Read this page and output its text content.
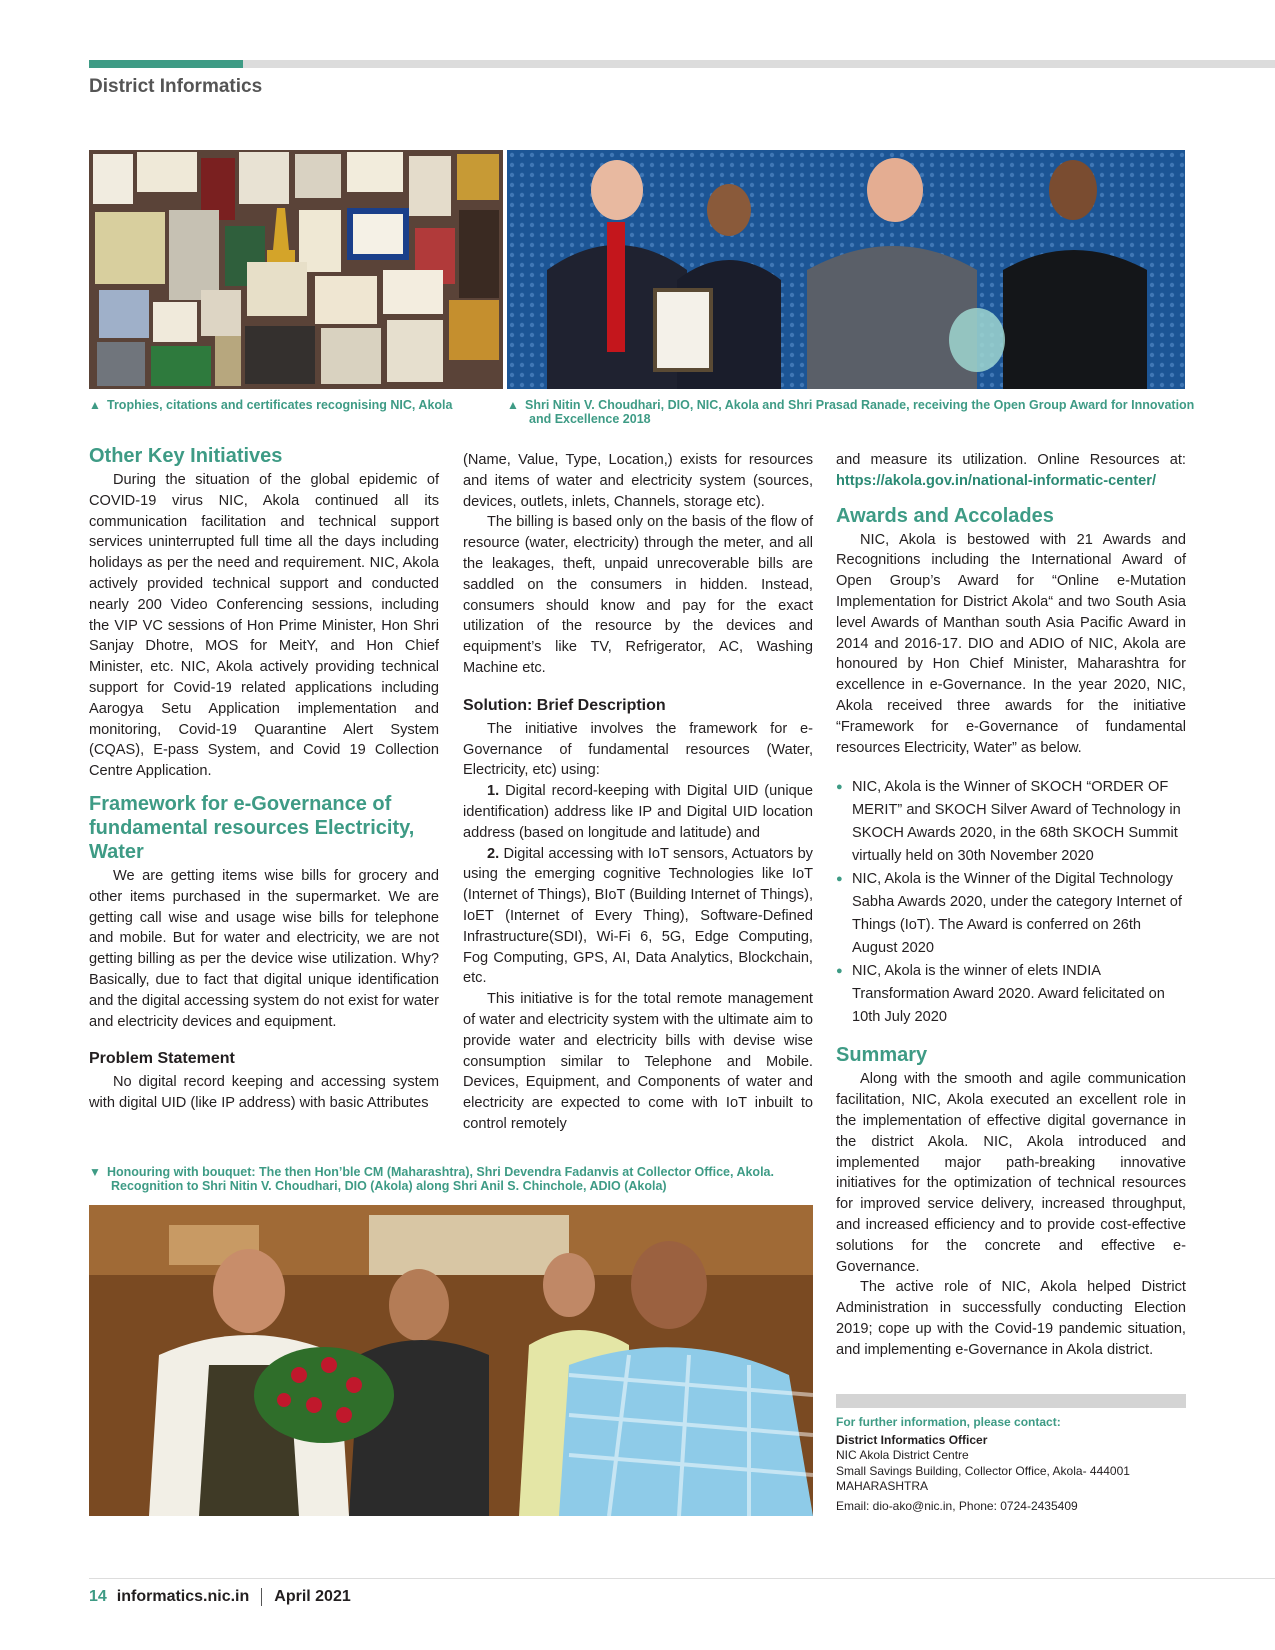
District Informatics
▲ Trophies, citations and certificates recognising NIC, Akola	▲ Shri Nitin V. Choudhari, DIO, NIC, Akola and Shri Prasad Ranade, receiving the Open Group Award for Innovation
and Excellence 2018
Other Key Initiatives

During the situation of the global epidemic of COVID-19 virus NIC, Akola continued all its communication facilitation and technical support services uninterrupted full time all the days including holidays as per the need and requirement. NIC, Akola actively provided technical support and conducted nearly 200 Video Conferencing sessions, including the VIP VC sessions of Hon Prime Minister, Hon Shri Sanjay Dhotre, MOS for MeitY, and Hon Chief Minister, etc. NIC, Akola actively providing technical support for Covid-19 related applications including Aarogya Setu Application implementation and monitoring, Covid-19 Quarantine Alert System (CQAS), E-pass System, and Covid 19 Collection Centre Application.

Framework for e-Governance of fundamental resources Electricity, Water

We are getting items wise bills for grocery and other items purchased in the supermarket. We are getting call wise and usage wise bills for telephone and mobile. But for water and electricity, we are not getting billing as per the device wise utilization. Why? Basically, due to fact that digital unique identification and the digital accessing system do not exist for water and electricity devices and equipment.

Problem Statement

No digital record keeping and accessing system with digital UID (like IP address) with basic Attributes

(Name, Value, Type, Location,) exists for resources and items of water and electricity system (sources, devices, outlets, inlets, Channels, storage etc).

The billing is based only on the basis of the flow of resource (water, electricity) through the meter, and all the leakages, theft, unpaid unrecoverable bills are saddled on the consumers in hidden. Instead, consumers should know and pay for the exact utilization of the resource by the devices and equipment’s like TV, Refrigerator, AC, Washing Machine etc.

Solution: Brief Description

The initiative involves the framework for e-Governance of fundamental resources (Water, Electricity, etc) using:

1. Digital record-keeping with Digital UID (unique identification) address like IP and Digital UID location address (based on longitude and latitude) and

2. Digital accessing with IoT sensors, Actuators by using the emerging cognitive Technologies like IoT (Internet of Things), BIoT (Building Internet of Things), IoET (Internet of Every Thing), Software-Defined Infrastructure(SDI), Wi-Fi 6, 5G, Edge Computing, Fog Computing, GPS, AI, Data Analytics, Blockchain, etc.

This initiative is for the total remote management of water and electricity system with the ultimate aim to provide water and electricity bills with devise wise consumption similar to Telephone and Mobile. Devices, Equipment, and Components of water and electricity are expected to come with IoT inbuilt to control remotely

and measure its utilization. Online Resources at: https://akola.gov.in/national-informatic-center/

Awards and Accolades

NIC, Akola is bestowed with 21 Awards and Recognitions including the International Award of Open Group’s Award for “Online e-Mutation Implementation for District Akola“ and two South Asia level Awards of Manthan south Asia Pacific Award in 2014 and 2016-17. DIO and ADIO of NIC, Akola are honoured by Hon Chief Minister, Maharashtra for excellence in e-Governance. In the year 2020, NIC, Akola received three awards for the initiative “Framework for e-Governance of fundamental resources Electricity, Water” as below.

● NIC, Akola is the Winner of SKOCH “ORDER OF MERIT” and SKOCH Silver Award of Technology in SKOCH Awards 2020, in the 68th SKOCH Summit virtually held on 30th November 2020
● NIC, Akola is the Winner of the Digital Technology Sabha Awards 2020, under the category Internet of Things (IoT). The Award is conferred on 26th August 2020
● NIC, Akola is the winner of elets INDIA Transformation Award 2020. Award felicitated on 10th July 2020
Summary

Along with the smooth and agile communication facilitation, NIC, Akola executed an excellent role in the implementation of effective digital governance in the district Akola. NIC, Akola introduced and implemented major path-breaking innovative initiatives for the optimization of technical resources for improved service delivery, increased throughput, and increased efficiency and to provide cost-effective solutions for the concrete and effective e-Governance.

The active role of NIC, Akola helped District Administration in successfully conducting Election 2019; cope up with the Covid-19 pandemic situation, and implementing e-Governance in Akola district.

▼ Honouring with bouquet: The then Hon’ble CM (Maharashtra), Shri Devendra Fadanvis at Collector Office, Akola.
Recognition to Shri Nitin V. Choudhari, DIO (Akola) along Shri Anil S. Chinchole, ADIO (Akola)
For further information, please contact:
District Informatics Officer
NIC Akola District Centre
Small Savings Building, Collector Office, Akola- 444001
MAHARASHTRA
Email: dio-ako@nic.in, Phone: 0724-2435409
14 informatics.nic.in April 2021
